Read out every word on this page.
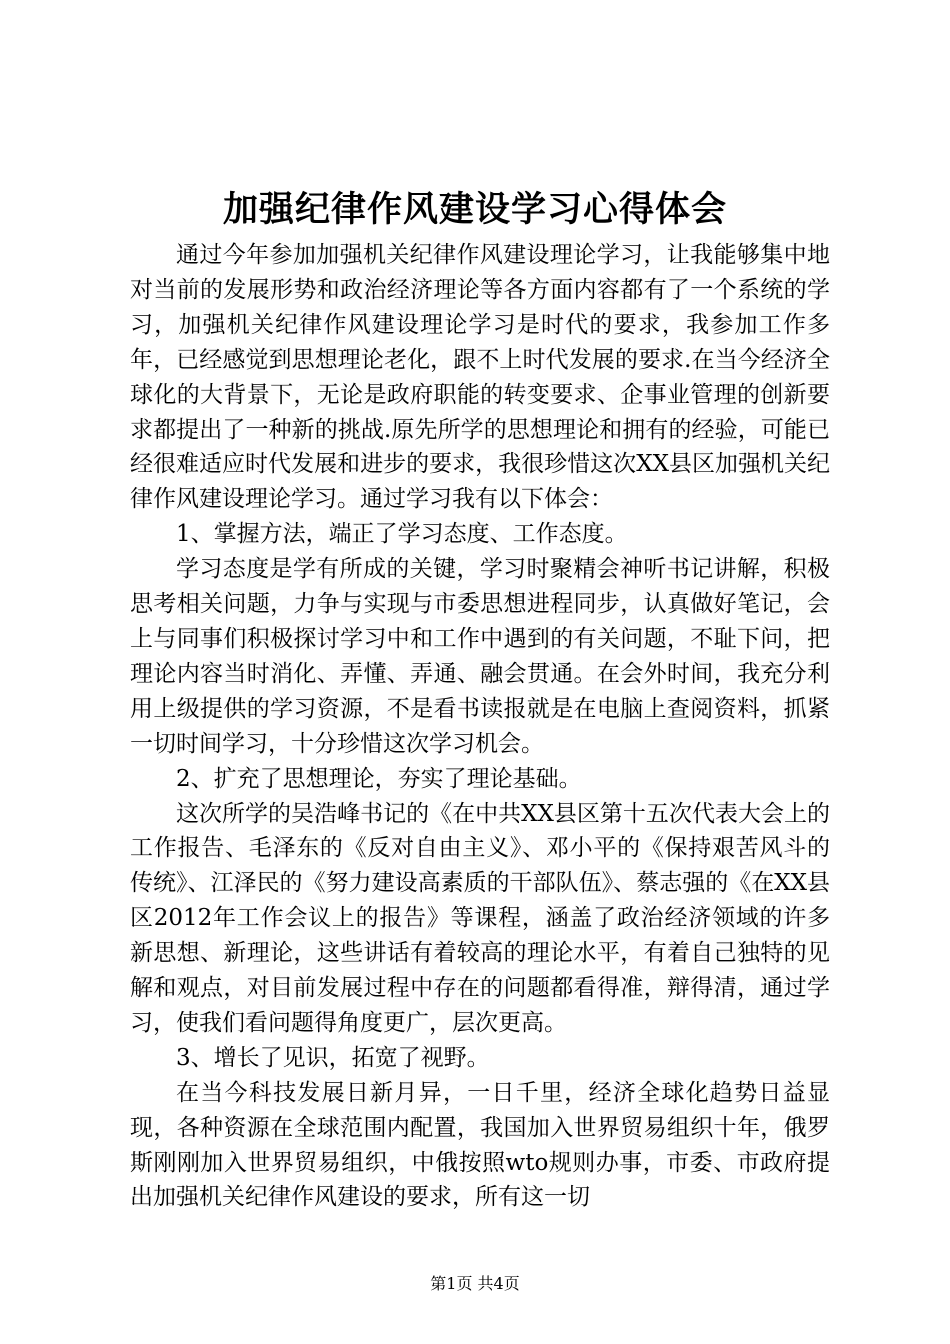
加强纪律作风建设学习心得体会

通过今年参加加强机关纪律作风建设理论学习，让我能够集中地对当前的发展形势和政治经济理论等各方面内容都有了一个系统的学习，加强机关纪律作风建设理论学习是时代的要求，我参加工作多年，已经感觉到思想理论老化，跟不上时代发展的要求.在当今经济全球化的大背景下，无论是政府职能的转变要求、企事业管理的创新要求都提出了一种新的挑战.原先所学的思想理论和拥有的经验，可能已经很难适应时代发展和进步的要求，我很珍惜这次XX县区加强机关纪律作风建设理论学习。通过学习我有以下体会：

1、掌握方法，端正了学习态度、工作态度。

学习态度是学有所成的关键，学习时聚精会神听书记讲解，积极思考相关问题，力争与实现与市委思想进程同步，认真做好笔记，会上与同事们积极探讨学习中和工作中遇到的有关问题，不耻下问，把理论内容当时消化、弄懂、弄通、融会贯通。在会外时间，我充分利用上级提供的学习资源，不是看书读报就是在电脑上查阅资料，抓紧一切时间学习，十分珍惜这次学习机会。

2、扩充了思想理论，夯实了理论基础。

这次所学的吴浩峰书记的《在中共XX县区第十五次代表大会上的工作报告、毛泽东的《反对自由主义》、邓小平的《保持艰苦风斗的传统》、江泽民的《努力建设高素质的干部队伍》、蔡志强的《在XX县区2012年工作会议上的报告》等课程，涵盖了政治经济领域的许多新思想、新理论，这些讲话有着较高的理论水平，有着自己独特的见解和观点，对目前发展过程中存在的问题都看得准，辩得清，通过学习，使我们看问题得角度更广，层次更高。

3、增长了见识，拓宽了视野。

在当今科技发展日新月异，一日千里，经济全球化趋势日益显现，各种资源在全球范围内配置，我国加入世界贸易组织十年，俄罗斯刚刚加入世界贸易组织，中俄按照wto规则办事，市委、市政府提出加强机关纪律作风建设的要求，所有这一切

第1页 共4页
